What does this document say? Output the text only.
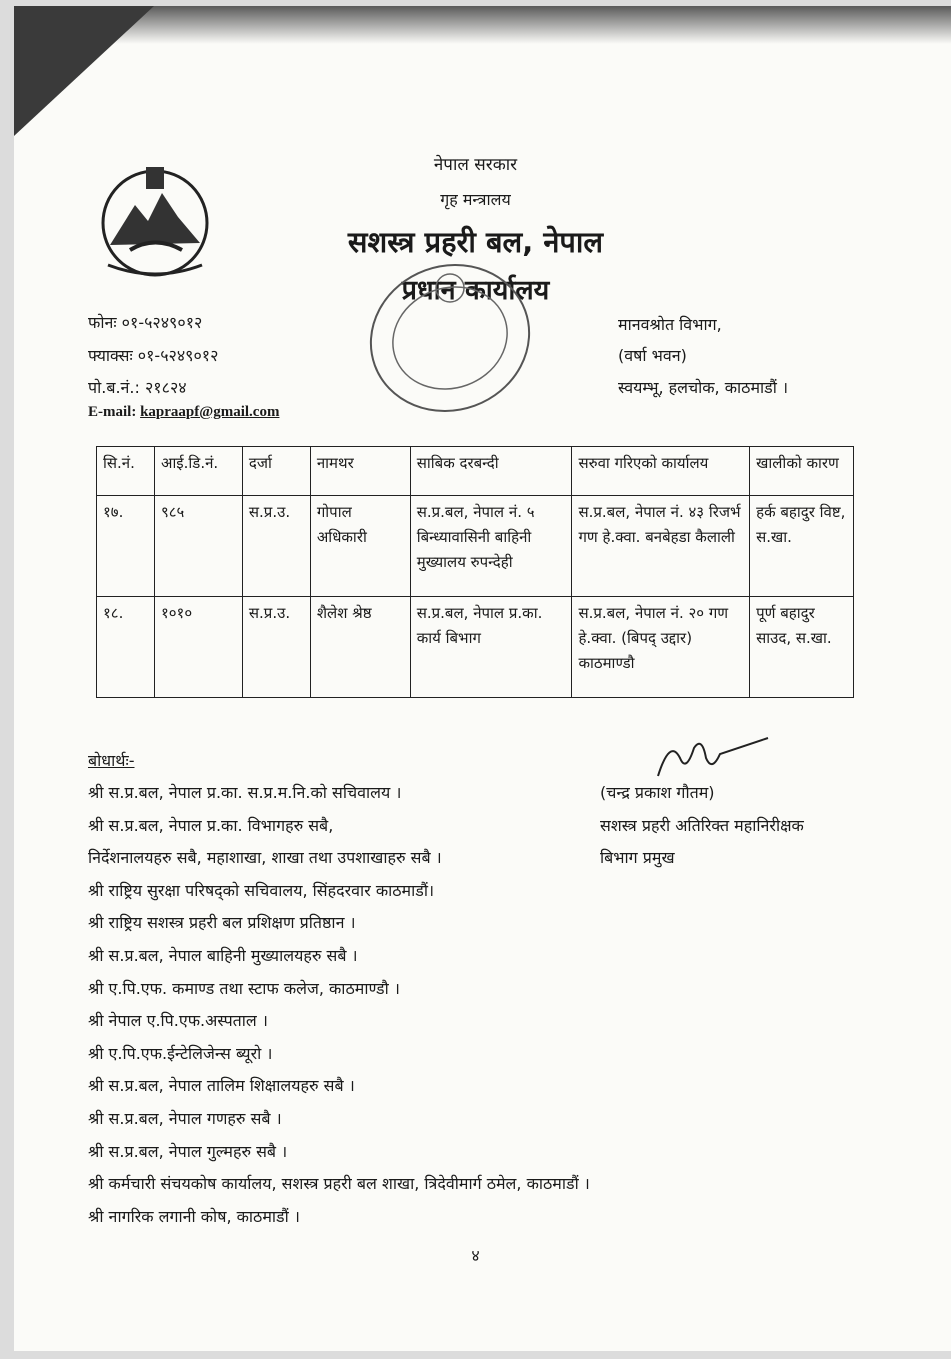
नेपाल सरकार
गृह मन्त्रालय
सशस्त्र प्रहरी बल, नेपाल
प्रधान कार्यालय
फोनः ०१-५२४९०१२
फ्याक्सः ०१-५२४९०१२
पो.ब.नं.: २१८२४
E-mail: kapraapf@gmail.com
मानवश्रोत विभाग,
(वर्षा भवन)
स्वयम्भू, हलचोक, काठमाडौं ।
सि.नं.	आई.डि.नं.	दर्जा	नामथर	साबिक दरबन्दी	सरुवा गरिएको कार्यालय	खालीको कारण
१७.	९८५	स.प्र.उ.	गोपाल अधिकारी	स.प्र.बल, नेपाल नं. ५ बिन्ध्यावासिनी बाहिनी मुख्यालय रुपन्देही	स.प्र.बल, नेपाल नं. ४३ रिजर्भ गण हे.क्वा. बनबेहडा कैलाली	हर्क बहादुर विष्ट, स.खा.
१८.	१०१०	स.प्र.उ.	शैलेश श्रेष्ठ	स.प्र.बल, नेपाल प्र.का. कार्य बिभाग	स.प्र.बल, नेपाल नं. २० गण हे.क्वा. (बिपद् उद्दार) काठमाण्डौ	पूर्ण बहादुर साउद, स.खा.
बोधार्थः-
श्री स.प्र.बल, नेपाल प्र.का. स.प्र.म.नि.को सचिवालय ।
श्री स.प्र.बल, नेपाल प्र.का. विभागहरु सबै,
निर्देशनालयहरु सबै, महाशाखा, शाखा तथा उपशाखाहरु सबै ।
श्री राष्ट्रिय सुरक्षा परिषद्को सचिवालय, सिंहदरवार काठमाडौं।
श्री राष्ट्रिय सशस्त्र प्रहरी बल प्रशिक्षण प्रतिष्ठान ।
श्री स.प्र.बल, नेपाल बाहिनी मुख्यालयहरु सबै ।
श्री ए.पि.एफ. कमाण्ड तथा स्टाफ कलेज, काठमाण्डौ ।
श्री नेपाल ए.पि.एफ.अस्पताल ।
श्री ए.पि.एफ.ईन्टेलिजेन्स ब्यूरो ।
श्री स.प्र.बल, नेपाल तालिम शिक्षालयहरु सबै ।
श्री स.प्र.बल, नेपाल गणहरु सबै ।
श्री स.प्र.बल, नेपाल गुल्महरु सबै ।
श्री कर्मचारी संचयकोष कार्यालय, सशस्त्र प्रहरी बल शाखा, त्रिदेवीमार्ग ठमेल, काठमाडौं ।
श्री नागरिक लगानी कोष, काठमाडौं ।
(चन्द्र प्रकाश गौतम)
सशस्त्र प्रहरी अतिरिक्त महानिरीक्षक
बिभाग प्रमुख
४
